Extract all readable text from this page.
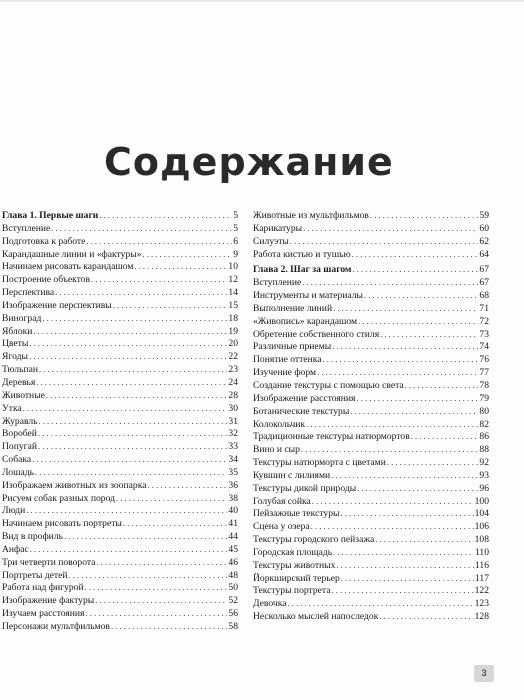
Содержание
Глава 1. Первые шаги . . .	5
Вступление . . .	5
Подготовка к работе . . .	6
Карандашные линии и «фактуры» . . .	9
Начинаем рисовать карандашом . . .	10
Построение объектов . . .	12
Перспектива . . .	14
Изображение перспективы . . .	15
Виноград . . .	18
Яблоки . . .	19
Цветы . . .	20
Ягоды . . .	22
Тюльпан . . .	23
Деревья . . .	24
Животные . . .	28
Утка . . .	30
Журавль . . .	31
Воробей . . .	32
Попугай . . .	33
Собака . . .	34
Лошадь . . .	35
Изображаем животных из зоопарка . . .	36
Рисуем собак разных пород . . .	38
Люди . . .	40
Начинаем рисовать портреты . . .	41
Вид в профиль . . .	44
Анфас . . .	45
Три четверти поворота . . .	46
Портреты детей . . .	48
Работа над фигурой . . .	50
Изображение фактуры . . .	52
Изучаем расстояния . . .	56
Персонажи мультфильмов . . .	58
Животные из мультфильмов . . .	59
Карикатуры . . .	60
Силуэты . . .	62
Работа кистью и тушью . . .	64
Глава 2. Шаг за шагом . . .	67
Вступление . . .	67
Инструменты и материалы . . .	68
Выполнение линий . . .	71
«Живопись» карандашом . . .	72
Обретение собственного стиля . . .	73
Различные приемы . . .	74
Понятие оттенка . . .	76
Изучение форм . . .	77
Создание текстуры с помощью света . . .	78
Изображение расстояния . . .	79
Ботанические текстуры . . .	80
Колокольчик . . .	82
Традиционные текстуры натюрмортов . . .	86
Вино и сыр . . .	88
Текстуры натюрморта с цветами . . .	92
Кувшин с лилиями . . .	93
Текстуры дикой природы . . .	96
Голубая сойка . . .	100
Пейзажные текстуры . . .	104
Сцена у озера . . .	106
Текстуры городского пейзажа . . .	108
Городская площадь . . .	110
Текстуры животных . . .	116
Йоркширский терьер . . .	117
Текстуры портрета . . .	122
Девочка . . .	123
Несколько мыслей напоследок . . .	128
3
